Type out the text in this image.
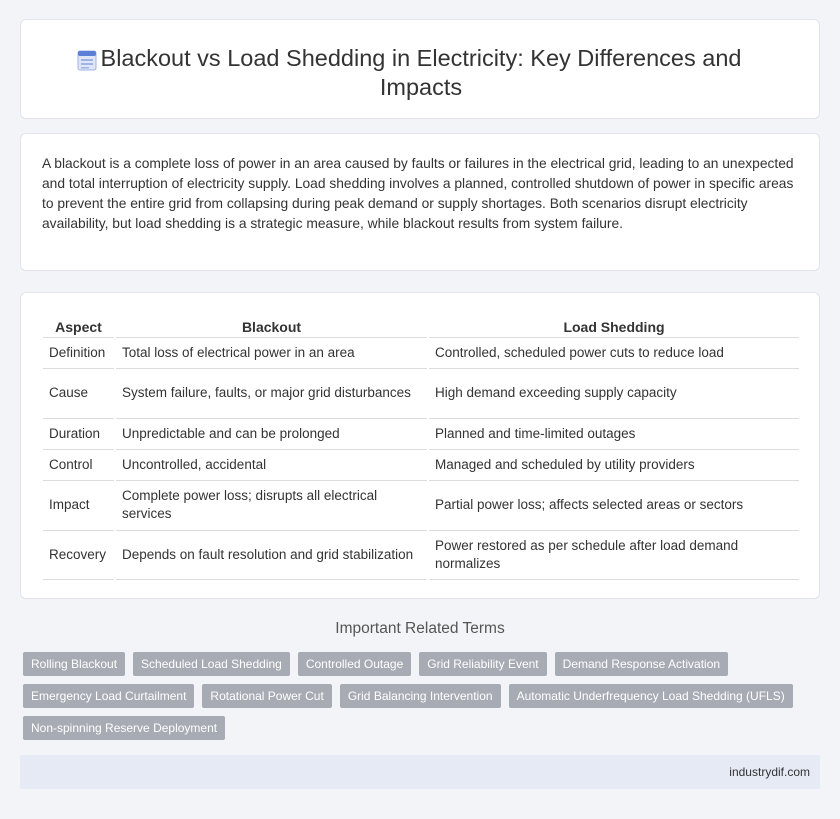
Blackout vs Load Shedding in Electricity: Key Differences and Impacts

A blackout is a complete loss of power in an area caused by faults or failures in the electrical grid, leading to an unexpected and total interruption of electricity supply. Load shedding involves a planned, controlled shutdown of power in specific areas to prevent the entire grid from collapsing during peak demand or supply shortages. Both scenarios disrupt electricity availability, but load shedding is a strategic measure, while blackout results from system failure.

Aspect	Blackout	Load Shedding
Definition	Total loss of electrical power in an area	Controlled, scheduled power cuts to reduce load
Cause	System failure, faults, or major grid disturbances	High demand exceeding supply capacity
Duration	Unpredictable and can be prolonged	Planned and time-limited outages
Control	Uncontrolled, accidental	Managed and scheduled by utility providers
Impact	Complete power loss; disrupts all electrical services	Partial power loss; affects selected areas or sectors
Recovery	Depends on fault resolution and grid stabilization	Power restored as per schedule after load demand normalizes
Important Related Terms
Rolling Blackout	Scheduled Load Shedding	Controlled Outage	Grid Reliability Event	Demand Response Activation
Emergency Load Curtailment	Rotational Power Cut	Grid Balancing Intervention	Automatic Underfrequency Load Shedding (UFLS)
Non-spinning Reserve Deployment
industrydif.com
